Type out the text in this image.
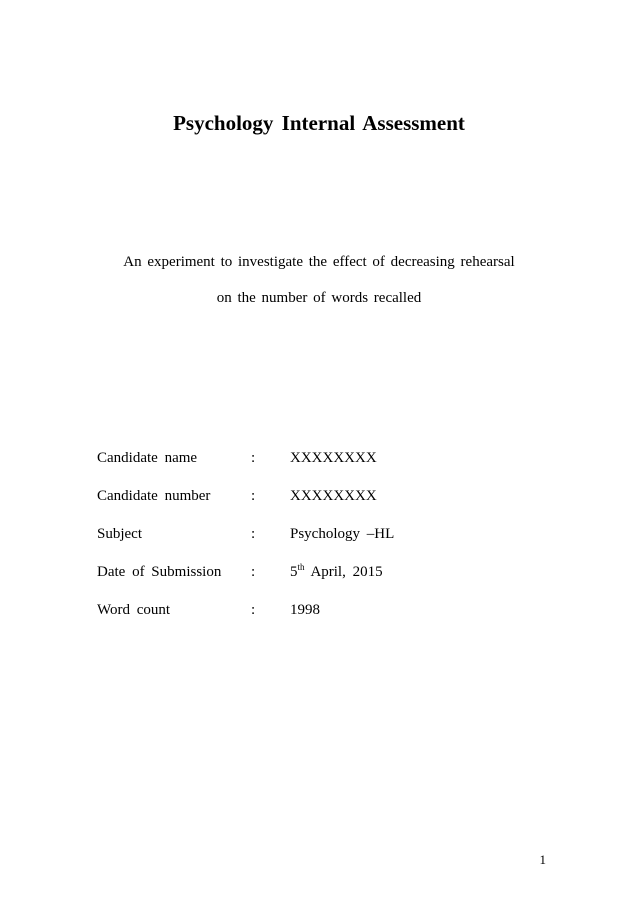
Psychology Internal Assessment
An experiment to investigate the effect of decreasing rehearsal
on the number of words recalled
Candidate name	: XXXXXXXX
Candidate number	: XXXXXXXX
Subject	: Psychology –HL
Date of Submission : 5th April, 2015
Word count	: 1998
1
